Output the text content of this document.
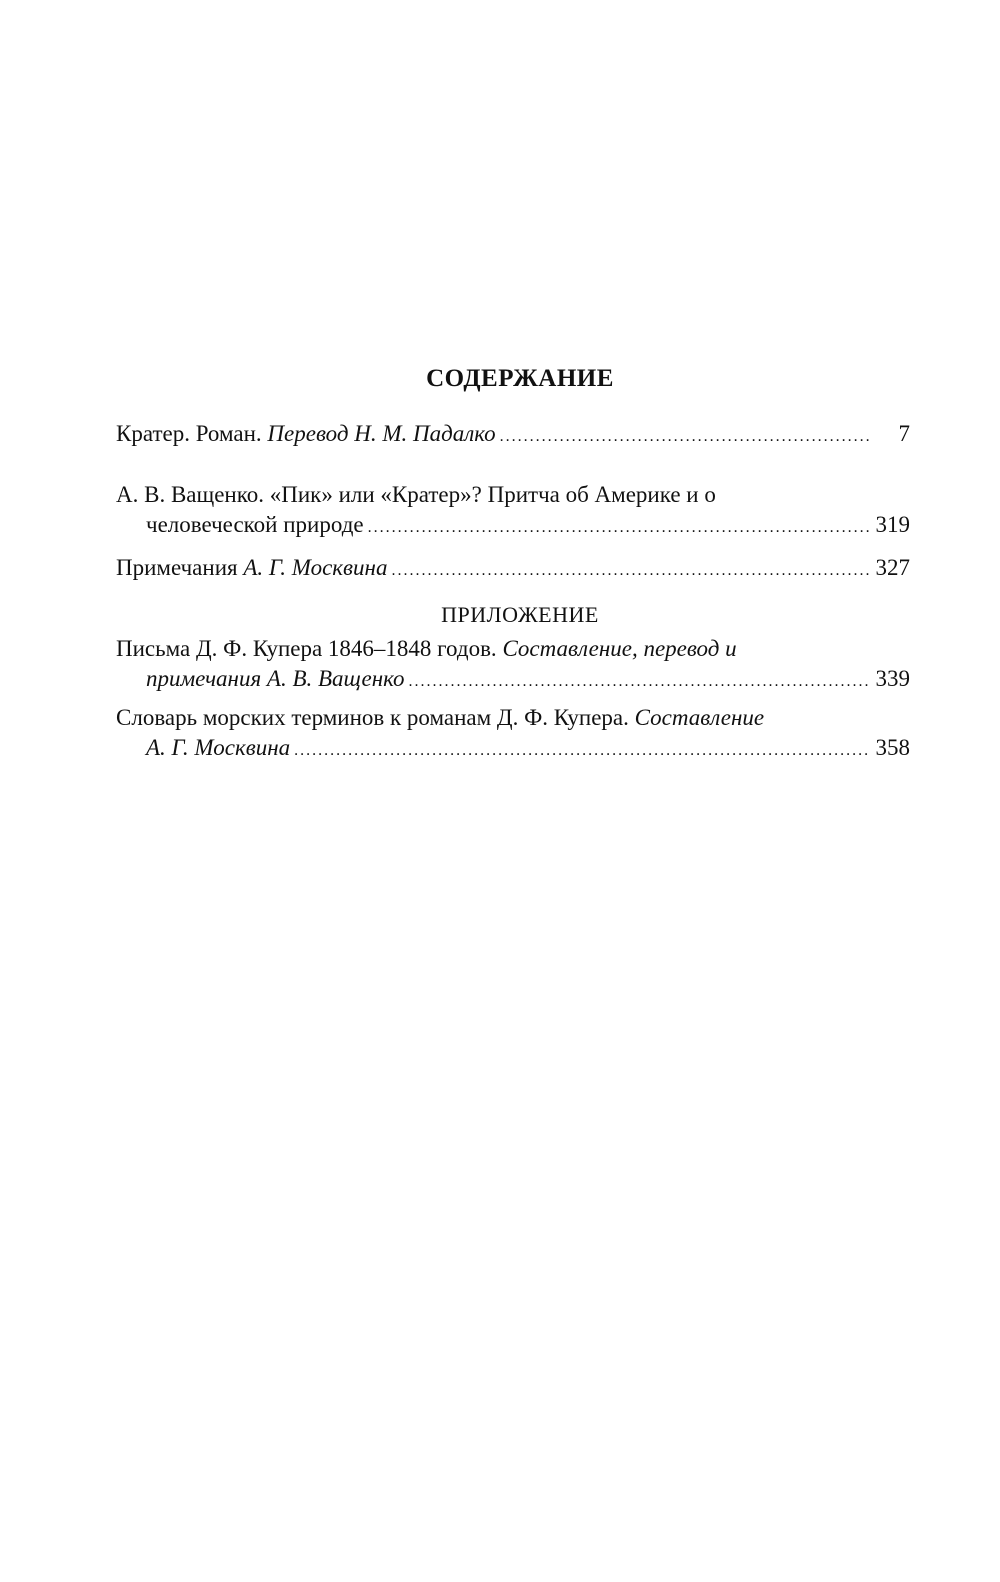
СОДЕРЖАНИЕ
Кратер. Роман. Перевод Н. М. Падалко .....	7
А. В. Ващенко. «Пик» или «Кратер»? Притча об Америке и о
человеческой природе .....	319
Примечания А. Г. Москвина .....	327
ПРИЛОЖЕНИЕ
Письма Д. Ф. Купера 1846–1848 годов. Составление, перевод и
примечания А. В. Ващенко .....	339
Словарь морских терминов к романам Д. Ф. Купера. Составление
А. Г. Москвина .....	358
